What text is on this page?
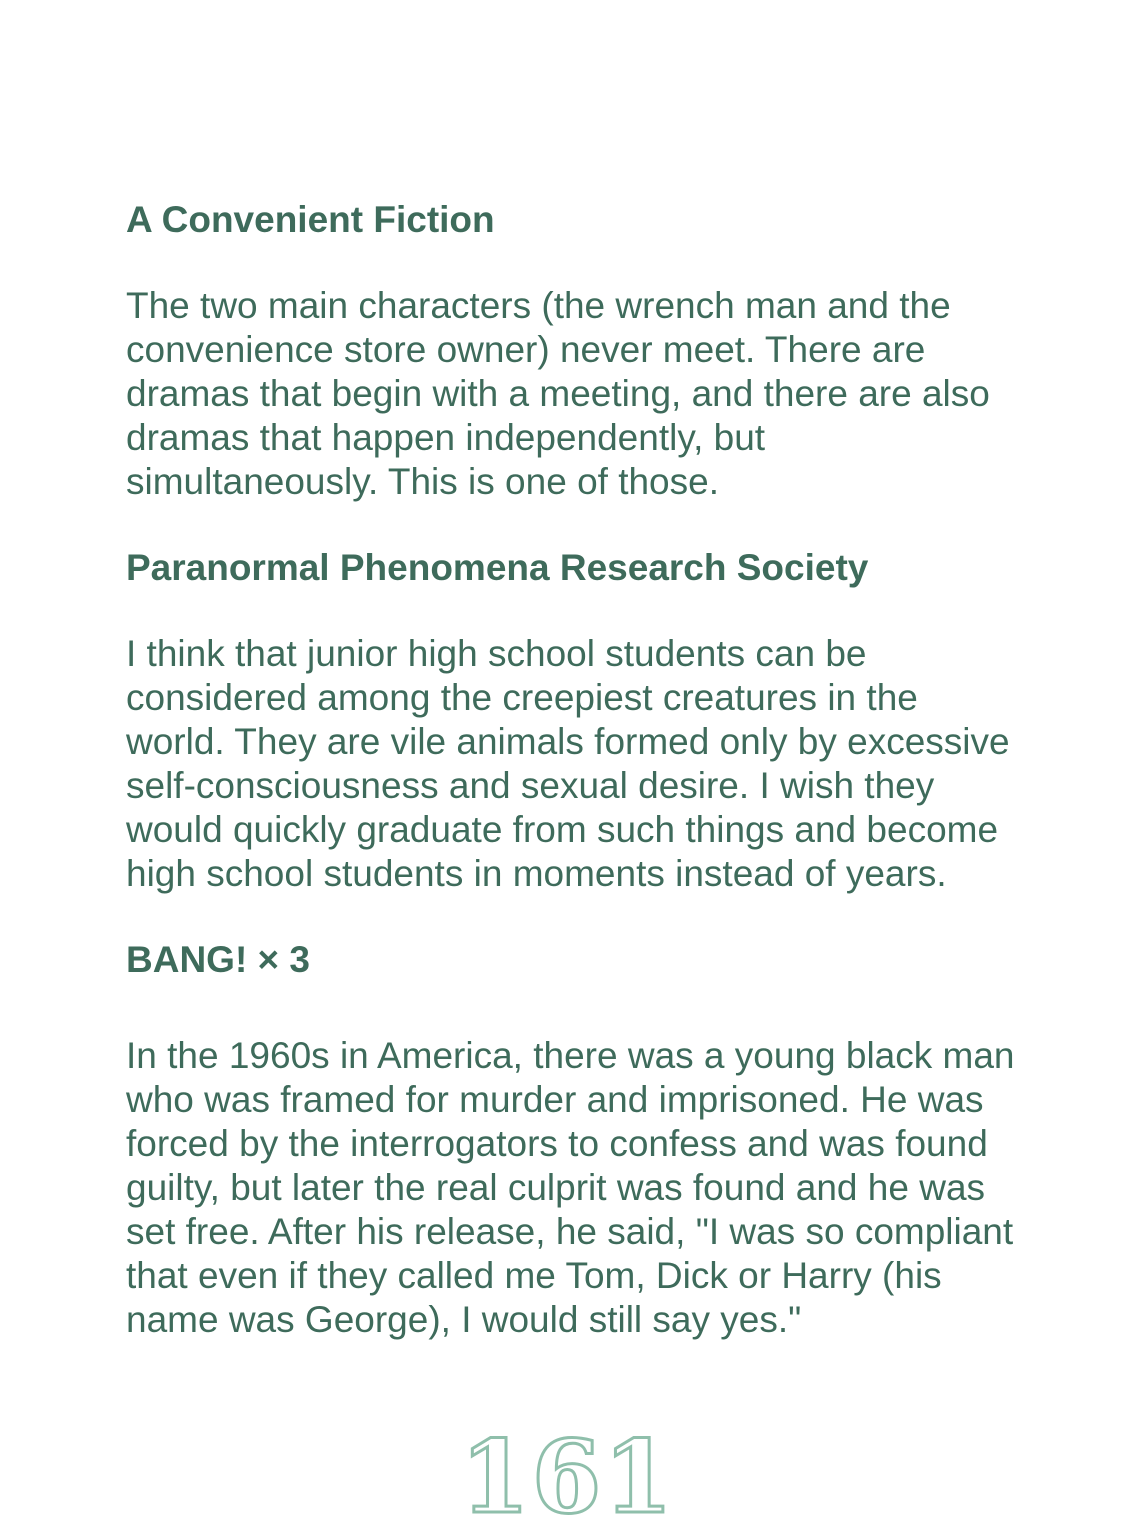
A Convenient Fiction

The two main characters (the wrench man and the
convenience store owner) never meet. There are
dramas that begin with a meeting, and there are also
dramas that happen independently, but
simultaneously. This is one of those.

Paranormal Phenomena Research Society

I think that junior high school students can be
considered among the creepiest creatures in the
world. They are vile animals formed only by excessive
self-consciousness and sexual desire. I wish they
would quickly graduate from such things and become
high school students in moments instead of years.

BANG! × 3

In the 1960s in America, there was a young black man
who was framed for murder and imprisoned. He was
forced by the interrogators to confess and was found
guilty, but later the real culprit was found and he was
set free. After his release, he said, "I was so compliant
that even if they called me Tom, Dick or Harry (his
name was George), I would still say yes."

161
